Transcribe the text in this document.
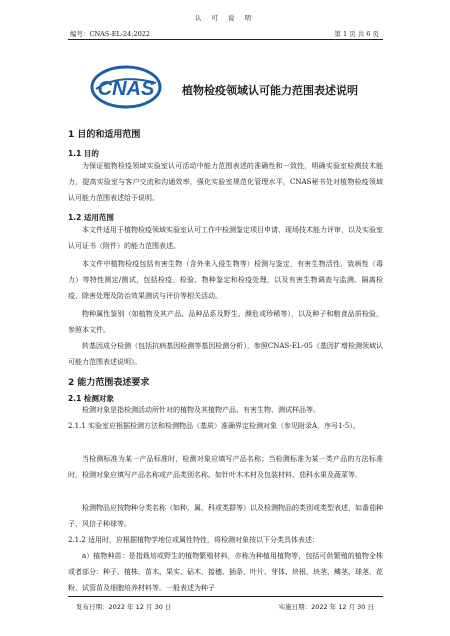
认 可 说 明
编号：CNAS-EL-24:2022	第 1 页 共 6 页
CNAS	植物检疫领域认可能力范围表述说明
1 目的和适用范围
1.1 目的
为保证植物检疫领域实验室认可活动中能力范围表述的准确性和一致性，明确实验室检测技术能力，提高实验室与客户交流和沟通效率，强化实验室规范化管理水平，CNAS秘书处对植物检疫领域认可能力范围表述给予说明。
1.2 适用范围
本文件适用于植物检疫领域实验室认可工作中检测鉴定项目申请、现场技术能力评审，以及实验室认可证书（附件）的能力范围表述。
本文件中植物检疫包括有害生物（含外来入侵生物等）检测与鉴定，有害生物活性、致病性（毒力）等特性测定/测试，包括检疫、检验、物种鉴定和检疫处理，以及有害生物调查与监测、隔离检疫、除害处理及防治效果测试与评价等相关活动。
物种属性鉴别（如植物及其产品、品种品系及野生、濒危或珍稀等），以及种子和粮食品质检验，参照本文件。
转基因成分检测（包括抗病基因检测等基因检测分析），参照CNAS-EL-05《基因扩增检测领域认可能力范围表述说明》。
2 能力范围表述要求
2.1 检测对象
检测对象是指检测活动所针对的植物及其植物产品、有害生物、测试样品等。
2.1.1 实验室应根据检测方法和检测物品（基质）准确界定检测对象（参见附录A，序号1-5）。
当检测标准为某一产品标准时，检测对象应填写产品名称；当检测标准为某一类产品的方法标准时，检测对象应填写产品名称或产品类别名称。如针叶木木材及包装材料、茄科水果及蔬菜等。
检测物品应按物种分类名称（如种、属、科或类群等）以及检测物品的类别或类型表述，如番茄种子、风信子种球等。
2.1.2 适用时，应根据植物学地位或属性特性，将检测对象按以下分类具体表述：
a）植物种苗：是指栽培或野生的植物繁殖材料，亦称为种植用植物等，包括可供繁殖的植物全株或者部分：种子、植株、苗木、果实、砧木、接穗、插条、叶片、芽体、块根、块茎、鳞茎、球茎、花粉、试管苗及细胞培养材料等。一般表述为种子
发布日期：2022 年 12 月 30 日	实施日期：2022 年 12 月 30 日
